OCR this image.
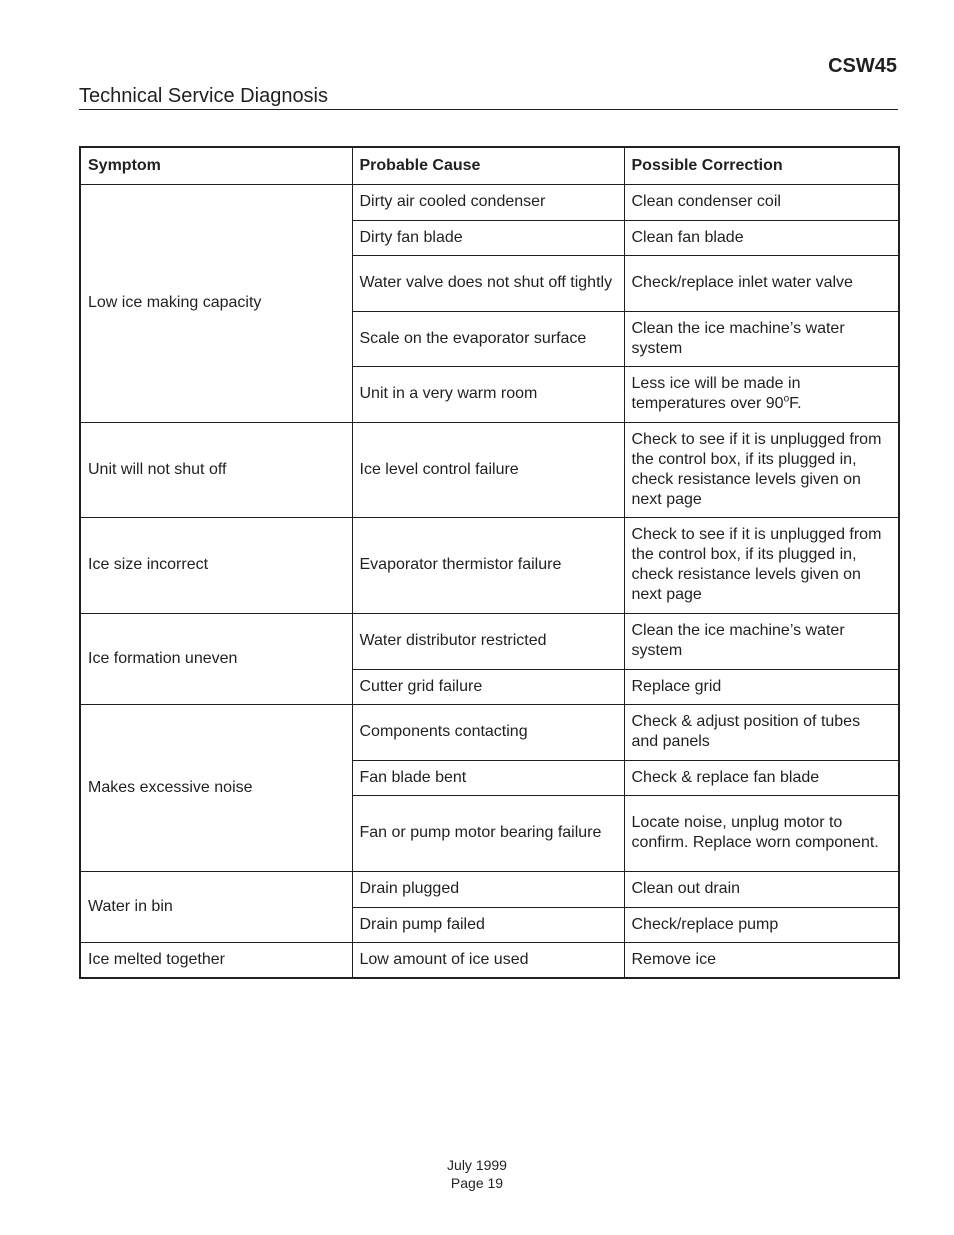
CSW45
Technical Service Diagnosis
Symptom	Probable Cause	Possible Correction
Low ice making capacity	Dirty air cooled condenser	Clean condenser coil
	Dirty fan blade	Clean fan blade
	Water valve does not shut off tightly	Check/replace inlet water valve
	Scale on the evaporator surface	Clean the ice machine’s water system
	Unit in a very warm room	Less ice will be made in temperatures over 90$^o$F.
Unit will not shut off	Ice level control failure	Check to see if it is unplugged from the control box, if its plugged in, check resistance levels given on next page
Ice size incorrect	Evaporator thermistor failure	Check to see if it is unplugged from the control box, if its plugged in, check resistance levels given on next page
Ice formation uneven	Water distributor restricted	Clean the ice machine’s water system
	Cutter grid failure	Replace grid
Makes excessive noise	Components contacting	Check & adjust position of tubes and panels
	Fan blade bent	Check & replace fan blade
	Fan or pump motor bearing failure	Locate noise, unplug motor to confirm. Replace worn component.
Water in bin	Drain plugged	Clean out drain
	Drain pump failed	Check/replace pump
Ice melted together	Low amount of ice used	Remove ice
July 1999
Page 19
